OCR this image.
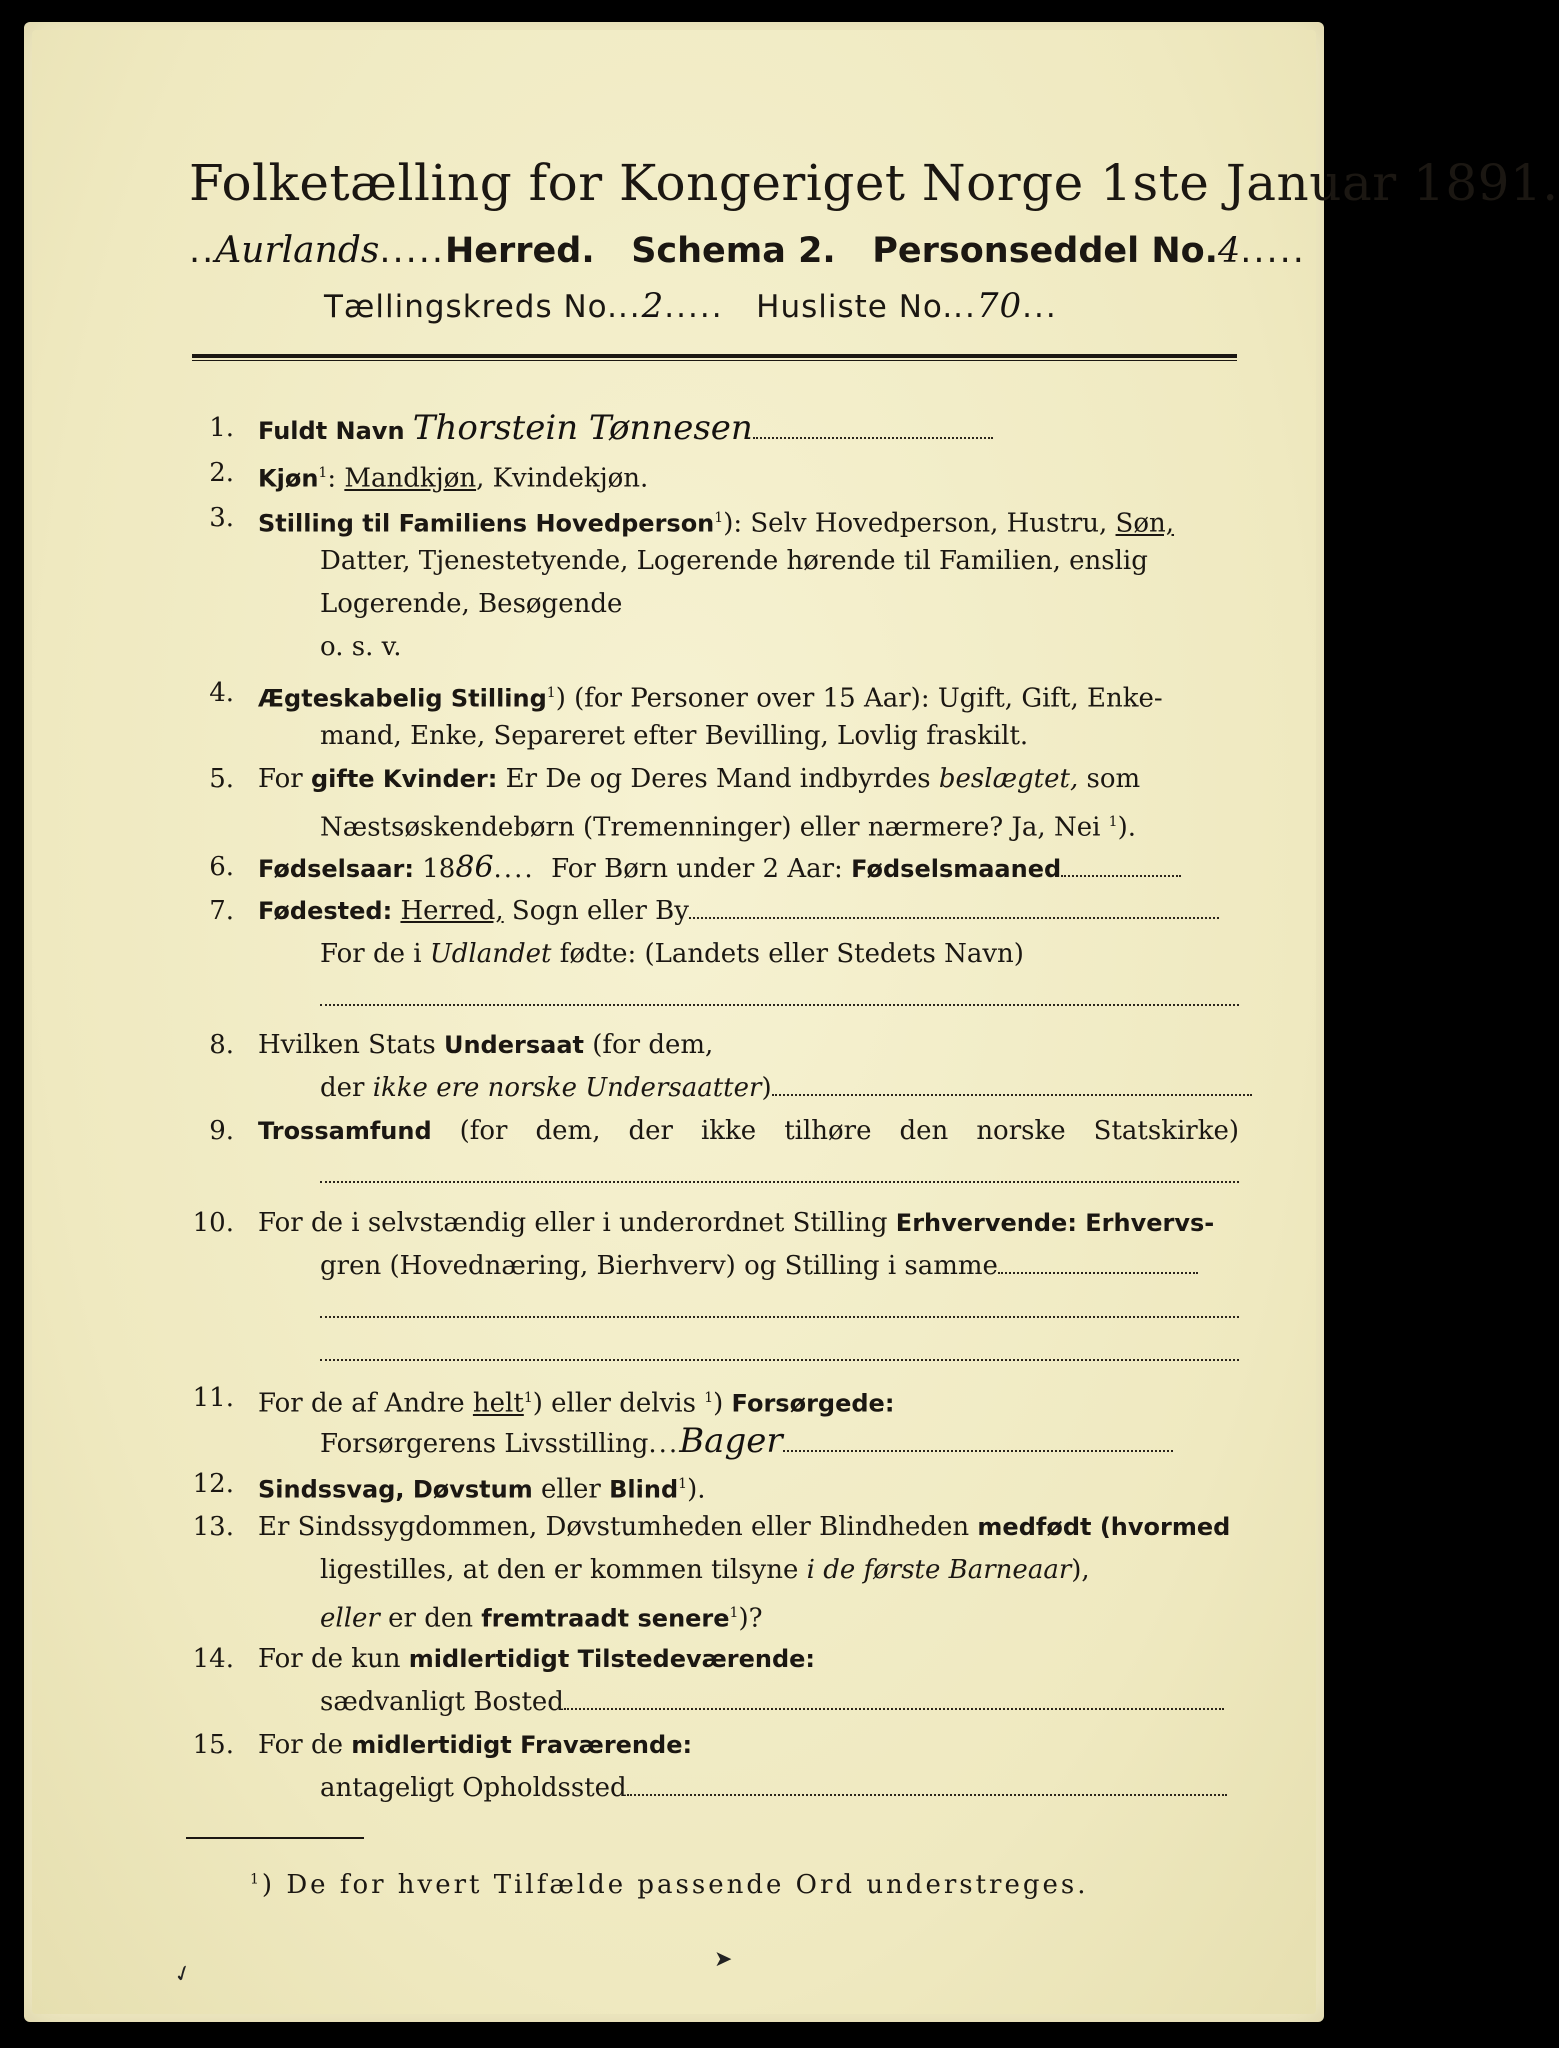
Folketælling for Kongeriget Norge 1ste Januar 1891.
..Aurlands.....Herred. Schema 2. Personseddel No.4.....
Tællingskreds No...2..... Husliste No...70...
1. Fuldt Navn Thorstein Tønnesen
2. Kjøn$^1$: Mandkjøn, Kvindekjøn.
3. Stilling til Familiens Hovedperson$^1$): Selv Hovedperson, Hustru, Søn,
Datter, Tjenestetyende, Logerende hørende til Familien, enslig
Logerende, Besøgende
o. s. v.
4. Ægteskabelig Stilling$^1$) (for Personer over 15 Aar): Ugift, Gift, Enke-
mand, Enke, Separeret efter Bevilling, Lovlig fraskilt.
5. For gifte Kvinder: Er De og Deres Mand indbyrdes beslægtet, som
Næstsøskendebørn (Tremenninger) eller nærmere? Ja, Nei $^1$).
6. Fødselsaar: 1886.... For Børn under 2 Aar: Fødselsmaaned
7. Fødested: Herred, Sogn eller By
For de i Udlandet fødte: (Landets eller Stedets Navn)
8. Hvilken Stats Undersaat (for dem,
der ikke ere norske Undersaatter)
9. Trossamfund (for dem, der ikke tilhøre den norske Statskirke)
10. For de i selvstændig eller i underordnet Stilling Erhvervende: Erhvervs-
gren (Hovednæring, Bierhverv) og Stilling i samme
11. For de af Andre helt$^1$) eller delvis $^1$) Forsørgede:
Forsørgerens Livsstilling...Bager
12. Sindssvag, Døvstum eller Blind$^1$).
13. Er Sindssygdommen, Døvstumheden eller Blindheden medfødt (hvormed
ligestilles, at den er kommen tilsyne i de første Barneaar),
eller er den fremtraadt senere$^1$)?
14. For de kun midlertidigt Tilstedeværende:
sædvanligt Bosted
15. For de midlertidigt Fraværende:
antageligt Opholdssted
$^1$) De for hvert Tilfælde passende Ord understreges.
✓
➤
